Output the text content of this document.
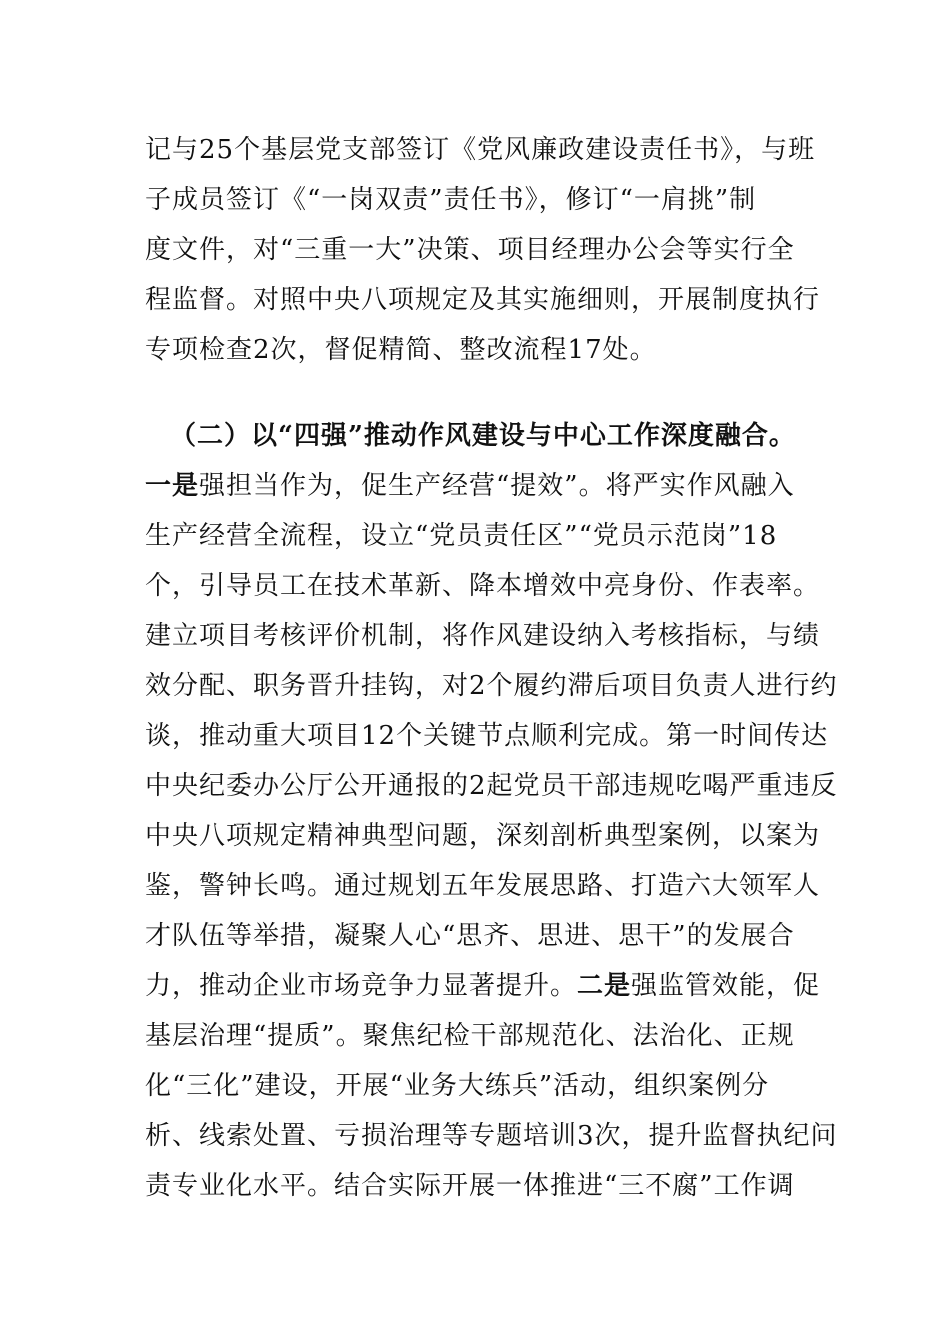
记与25个基层党支部签订《党风廉政建设责任书》，与班
子成员签订《“一岗双责”责任书》，修订“一肩挑”制
度文件，对“三重一大”决策、项目经理办公会等实行全
程监督。对照中央八项规定及其实施细则，开展制度执行
专项检查2次，督促精简、整改流程17处。
（二）以“四强”推动作风建设与中心工作深度融合。
一是强担当作为，促生产经营“提效”。将严实作风融入
生产经营全流程，设立“党员责任区”“党员示范岗”18
个，引导员工在技术革新、降本增效中亮身份、作表率。
建立项目考核评价机制，将作风建设纳入考核指标，与绩
效分配、职务晋升挂钩，对2个履约滞后项目负责人进行约
谈，推动重大项目12个关键节点顺利完成。第一时间传达
中央纪委办公厅公开通报的2起党员干部违规吃喝严重违反
中央八项规定精神典型问题，深刻剖析典型案例，以案为
鉴，警钟长鸣。通过规划五年发展思路、打造六大领军人
才队伍等举措，凝聚人心“思齐、思进、思干”的发展合
力，推动企业市场竞争力显著提升。二是强监管效能，促
基层治理“提质”。聚焦纪检干部规范化、法治化、正规
化“三化”建设，开展“业务大练兵”活动，组织案例分
析、线索处置、亏损治理等专题培训3次，提升监督执纪问
责专业化水平。结合实际开展一体推进“三不腐”工作调
